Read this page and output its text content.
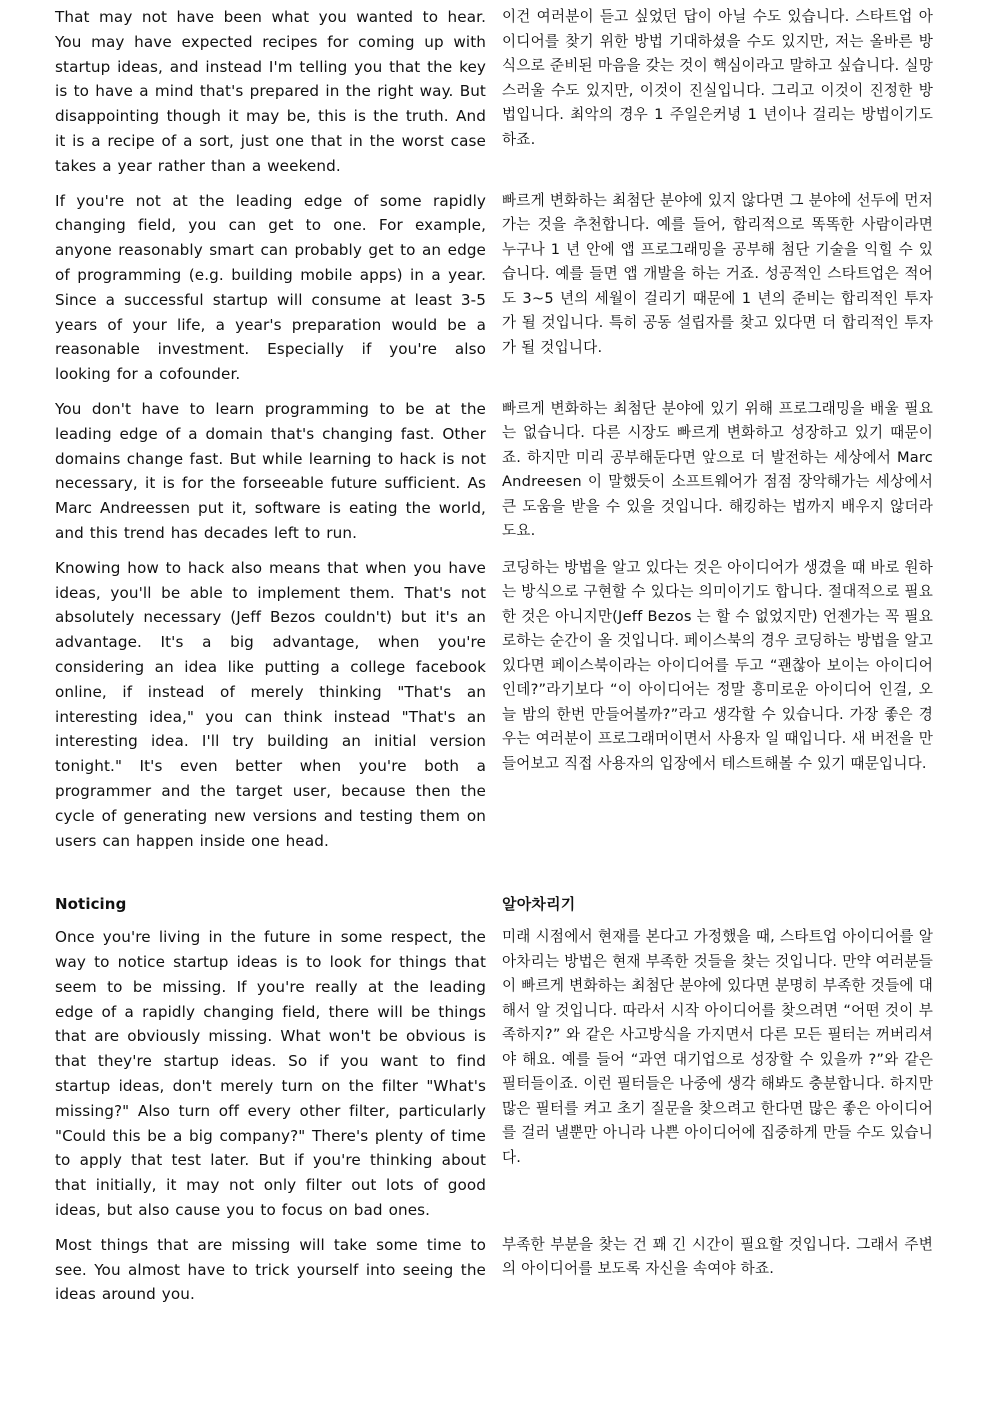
That may not have been what you wanted to hear. You may have expected recipes for coming up with startup ideas, and instead I'm telling you that the key is to have a mind that's prepared in the right way. But disappointing though it may be, this is the truth. And it is a recipe of a sort, just one that in the worst case takes a year rather than a weekend.

이건 여러분이 듣고 싶었던 답이 아닐 수도 있습니다. 스타트업 아이디어를 찾기 위한 방법 기대하셨을 수도 있지만, 저는 올바른 방식으로 준비된 마음을 갖는 것이 핵심이라고 말하고 싶습니다. 실망스러울 수도 있지만, 이것이 진실입니다. 그리고 이것이 진정한 방법입니다. 최악의 경우 1 주일은커녕 1 년이나 걸리는 방법이기도 하죠.

If you're not at the leading edge of some rapidly changing field, you can get to one. For example, anyone reasonably smart can probably get to an edge of programming (e.g. building mobile apps) in a year. Since a successful startup will consume at least 3-5 years of your life, a year's preparation would be a reasonable investment. Especially if you're also looking for a cofounder.

빠르게 변화하는 최첨단 분야에 있지 않다면 그 분야에 선두에 먼저 가는 것을 추천합니다. 예를 들어, 합리적으로 똑똑한 사람이라면 누구나 1 년 안에 앱 프로그래밍을 공부해 첨단 기술을 익힐 수 있습니다. 예를 들면 앱 개발을 하는 거죠. 성공적인 스타트업은 적어도 3~5 년의 세월이 걸리기 때문에 1 년의 준비는 합리적인 투자가 될 것입니다. 특히 공동 설립자를 찾고 있다면 더 합리적인 투자가 될 것입니다.

You don't have to learn programming to be at the leading edge of a domain that's changing fast. Other domains change fast. But while learning to hack is not necessary, it is for the forseeable future sufficient. As Marc Andreessen put it, software is eating the world, and this trend has decades left to run.

빠르게 변화하는 최첨단 분야에 있기 위해 프로그래밍을 배울 필요는 없습니다. 다른 시장도 빠르게 변화하고 성장하고 있기 때문이죠. 하지만 미리 공부해둔다면 앞으로 더 발전하는 세상에서 Marc Andreesen 이 말했듯이 소프트웨어가 점점 장악해가는 세상에서 큰 도움을 받을 수 있을 것입니다. 해킹하는 법까지 배우지 않더라도요.

Knowing how to hack also means that when you have ideas, you'll be able to implement them. That's not absolutely necessary (Jeff Bezos couldn't) but it's an advantage. It's a big advantage, when you're considering an idea like putting a college facebook online, if instead of merely thinking "That's an interesting idea," you can think instead "That's an interesting idea. I'll try building an initial version tonight." It's even better when you're both a programmer and the target user, because then the cycle of generating new versions and testing them on users can happen inside one head.

코딩하는 방법을 알고 있다는 것은 아이디어가 생겼을 때 바로 원하는 방식으로 구현할 수 있다는 의미이기도 합니다. 절대적으로 필요한 것은 아니지만(Jeff Bezos 는 할 수 없었지만) 언젠가는 꼭 필요로하는 순간이 올 것입니다. 페이스북의 경우 코딩하는 방법을 알고 있다면 페이스북이라는 아이디어를 두고 “괜찮아 보이는 아이디어인데?”라기보다 “이 아이디어는 정말 흥미로운 아이디어 인걸, 오늘 밤의 한번 만들어볼까?”라고 생각할 수 있습니다. 가장 좋은 경우는 여러분이 프로그래머이면서 사용자 일 때입니다. 새 버전을 만들어보고 직접 사용자의 입장에서 테스트해볼 수 있기 때문입니다.

Noticing	알아차리기

Once you're living in the future in some respect, the way to notice startup ideas is to look for things that seem to be missing. If you're really at the leading edge of a rapidly changing field, there will be things that are obviously missing. What won't be obvious is that they're startup ideas. So if you want to find startup ideas, don't merely turn on the filter "What's missing?" Also turn off every other filter, particularly "Could this be a big company?" There's plenty of time to apply that test later. But if you're thinking about that initially, it may not only filter out lots of good ideas, but also cause you to focus on bad ones.

미래 시점에서 현재를 본다고 가정했을 때, 스타트업 아이디어를 알아차리는 방법은 현재 부족한 것들을 찾는 것입니다. 만약 여러분들이 빠르게 변화하는 최첨단 분야에 있다면 분명히 부족한 것들에 대해서 알 것입니다. 따라서 시작 아이디어를 찾으려면 “어떤 것이 부족하지?” 와 같은 사고방식을 가지면서 다른 모든 필터는 꺼버리셔야 해요. 예를 들어 “과연 대기업으로 성장할 수 있을까 ?”와 같은 필터들이죠. 이런 필터들은 나중에 생각 해봐도 충분합니다. 하지만 많은 필터를 켜고 초기 질문을 찾으려고 한다면 많은 좋은 아이디어를 걸러 낼뿐만 아니라 나쁜 아이디어에 집중하게 만들 수도 있습니다.

Most things that are missing will take some time to see. You almost have to trick yourself into seeing the ideas around you.

부족한 부분을 찾는 건 꽤 긴 시간이 필요할 것입니다. 그래서 주변의 아이디어를 보도록 자신을 속여야 하죠.
